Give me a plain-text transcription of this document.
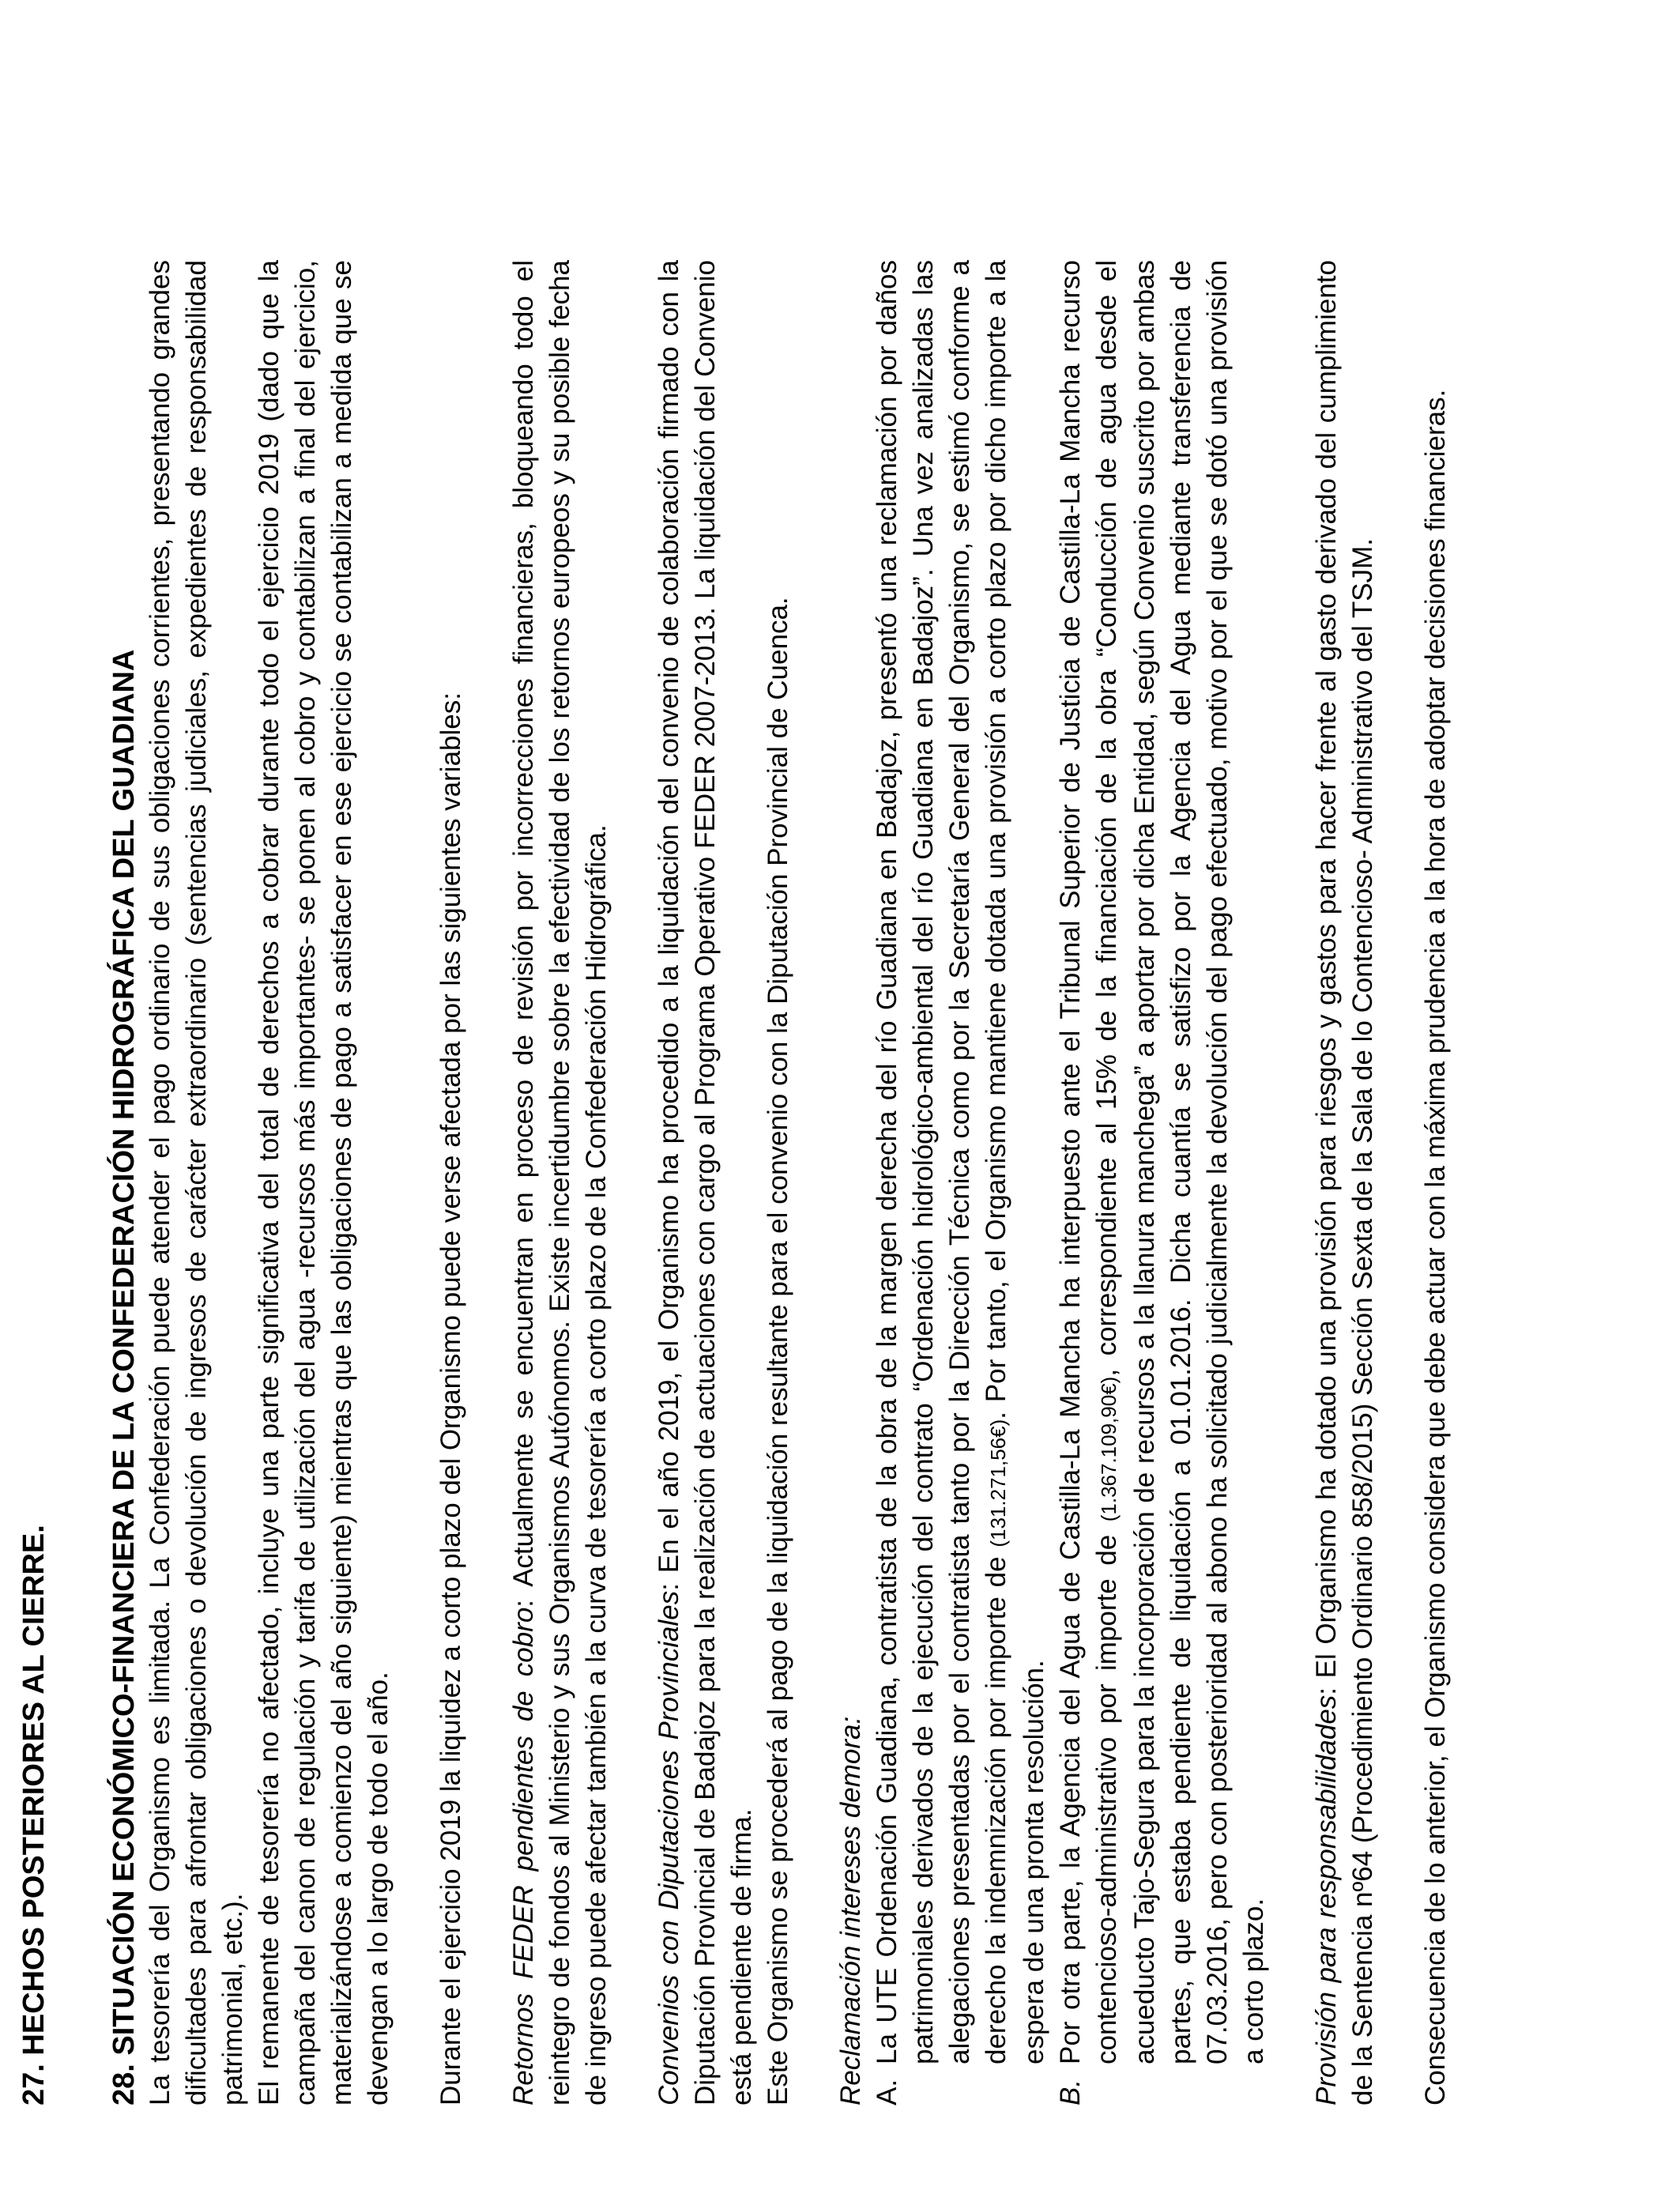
27. HECHOS POSTERIORES AL CIERRE. 28. SITUACIÓN ECONÓMICO-FINANCIERA DE LA CONFEDERACIÓN HIDROGRÁFICA DEL GUADIANA La tesorería del Organismo es limitada. La Confederación puede atender el pago ordinario de sus obligaciones corrientes, presentando grandes dificultades para afrontar obligaciones o devolución de ingresos de carácter extraordinario (sentencias judiciales, expedientes de responsabilidad patrimonial, etc.). El remanente de tesorería no afectado, incluye una parte significativa del total de derechos a cobrar durante todo el ejercicio 2019 (dado que la campaña del canon de regulación y tarifa de utilización del agua -recursos más importantes- se ponen al cobro y contabilizan a final del ejercicio, materializándose a comienzo del año siguiente) mientras que las obligaciones de pago a satisfacer en ese ejercicio se contabilizan a medida que se devengan a lo largo de todo el año. Durante el ejercicio 2019 la liquidez a corto plazo del Organismo puede verse afectada por las siguientes variables: Retornos FEDER pendientes de cobro: Actualmente se encuentran en proceso de revisión por incorrecciones financieras, bloqueando todo el reintegro de fondos al Ministerio y sus Organismos Autónomos. Existe incertidumbre sobre la efectividad de los retornos europeos y su posible fecha de ingreso puede afectar también a la curva de tesorería a corto plazo de la Confederación Hidrográfica. Convenios con Diputaciones Provinciales: En el año 2019, el Organismo ha procedido a la liquidación del convenio de colaboración firmado con la Diputación Provincial de Badajoz para la realización de actuaciones con cargo al Programa Operativo FEDER 2007-2013. La liquidación del Convenio está pendiente de firma. Este Organismo se procederá al pago de la liquidación resultante para el convenio con la Diputación Provincial de Cuenca. Reclamación intereses demora:

A.
La UTE Ordenación Guadiana, contratista de la obra de la margen derecha del río Guadiana en Badajoz, presentó una reclamación por daños patrimoniales derivados de la ejecución del contrato “Ordenación hidrológico-ambiental del río Guadiana en Badajoz”. Una vez analizadas las alegaciones presentadas por el contratista tanto por la Dirección Técnica como por la Secretaría General del Organismo, se estimó conforme a derecho la indemnización por importe de (131.271,56€). Por tanto, el Organismo mantiene dotada una provisión a corto plazo por dicho importe a la espera de una pronta resolución.
B.
Por otra parte, la Agencia del Agua de Castilla-La Mancha ha interpuesto ante el Tribunal Superior de Justicia de Castilla-La Mancha recurso contencioso-administrativo por importe de (1.367.109,90€), correspondiente al 15% de la financiación de la obra “Conducción de agua desde el acueducto Tajo-Segura para la incorporación de recursos a la llanura manchega” a aportar por dicha Entidad, según Convenio suscrito por ambas partes, que estaba pendiente de liquidación a 01.01.2016. Dicha cuantía se satisfizo por la Agencia del Agua mediante transferencia de 07.03.2016, pero con posterioridad al abono ha solicitado judicialmente la devolución del pago efectuado, motivo por el que se dotó una provisión a corto plazo. Provisión para responsabilidades: El Organismo ha dotado una provisión para riesgos y gastos para hacer frente al gasto derivado del cumplimiento de la Sentencia nº64 (Procedimiento Ordinario 858/2015) Sección Sexta de la Sala de lo Contencioso- Administrativo del TSJM. Consecuencia de lo anterior, el Organismo considera que debe actuar con la máxima prudencia a la hora de adoptar decisiones financieras.
